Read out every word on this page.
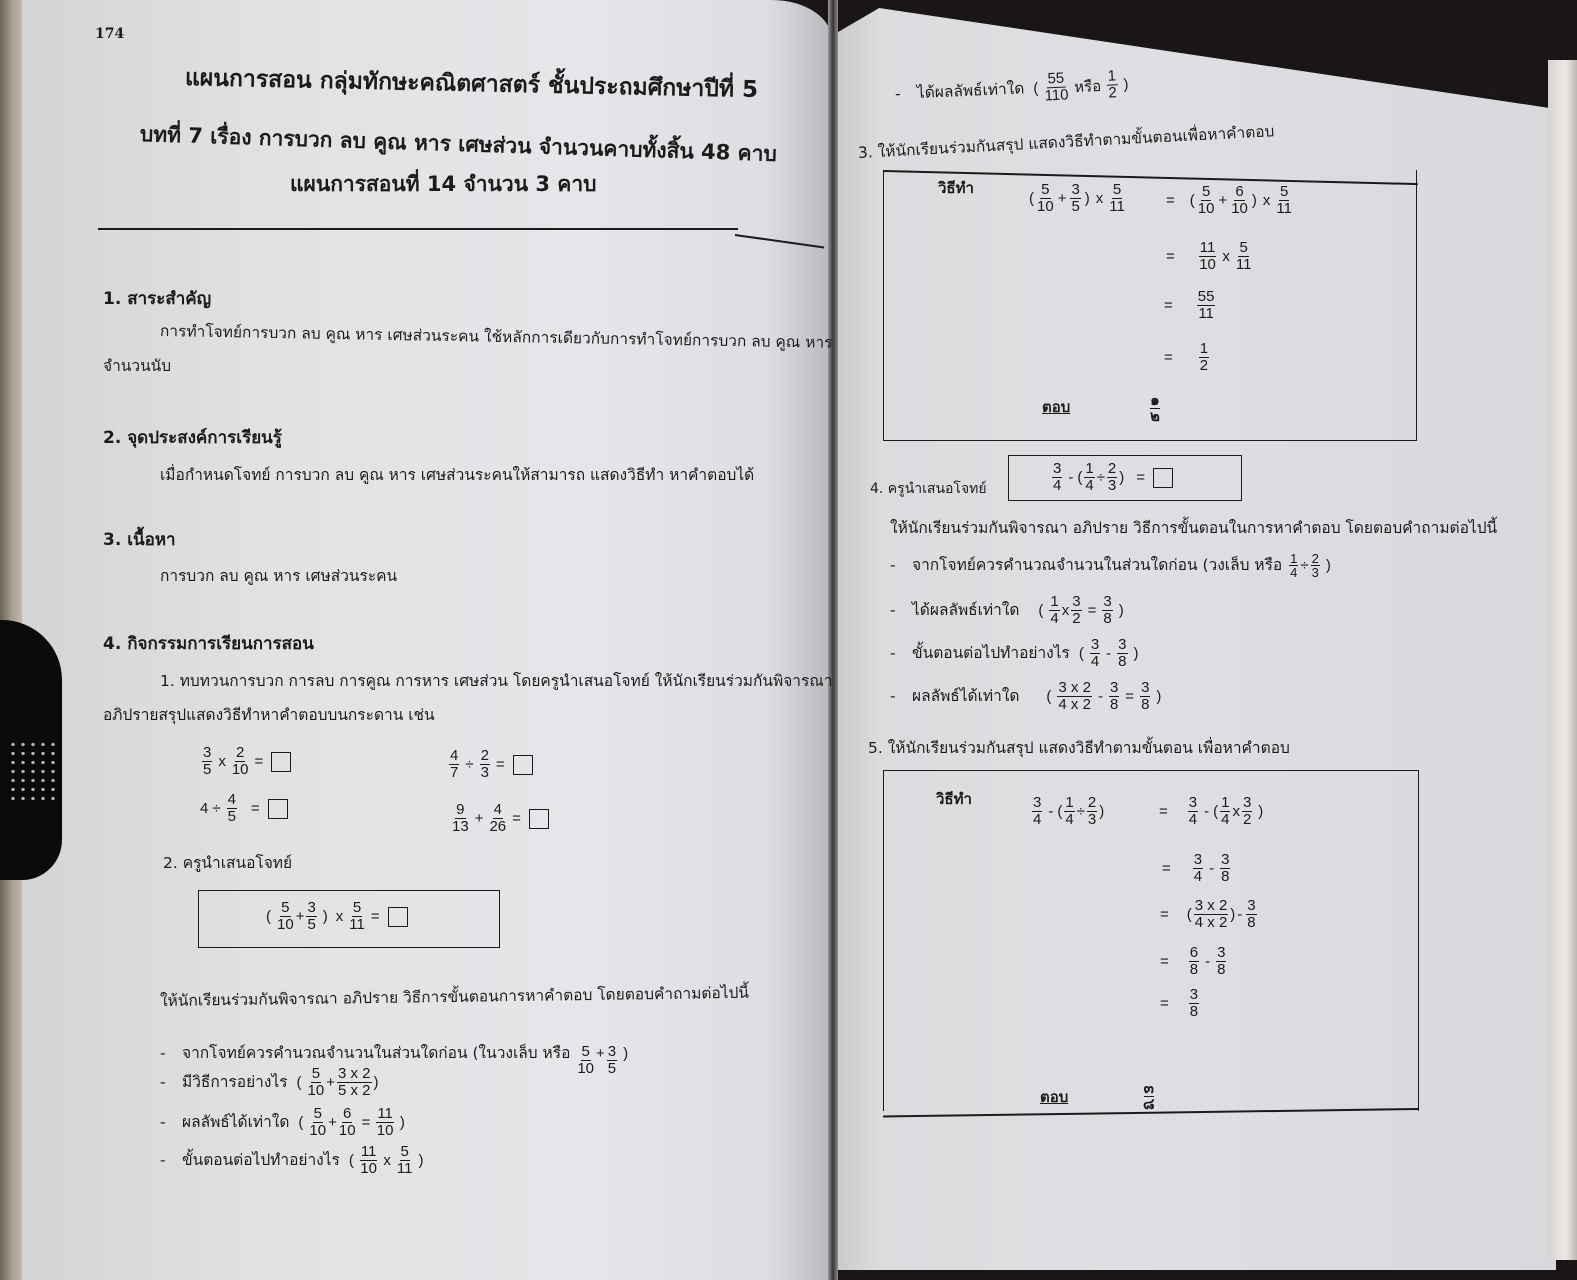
174
แผนการสอน กลุ่มทักษะคณิตศาสตร์ ชั้นประถมศึกษาปีที่ 5
บทที่ 7 เรื่อง การบวก ลบ คูณ หาร เศษส่วน จำนวนคาบทั้งสิ้น 48 คาบ
แผนการสอนที่ 14 จำนวน 3 คาบ
1. สาระสำคัญ
การทำโจทย์การบวก ลบ คูณ หาร เศษส่วนระคน ใช้หลักการเดียวกับการทำโจทย์การบวก ลบ คูณ หาร
จำนวนนับ
2. จุดประสงค์การเรียนรู้
เมื่อกำหนดโจทย์ การบวก ลบ คูณ หาร เศษส่วนระคนให้สามารถ แสดงวิธีทำ หาคำตอบได้
3. เนื้อหา
การบวก ลบ คูณ หาร เศษส่วนระคน
4. กิจกรรมการเรียนการสอน
1. ทบทวนการบวก การลบ การคูณ การหาร เศษส่วน โดยครูนำเสนอโจทย์ ให้นักเรียนร่วมกันพิจารณา
อภิปรายสรุปแสดงวิธีทำหาคำตอบบนกระดาน เช่น
$\frac{3}{5}$ x $\frac{2}{10}$ =	$\frac{4}{7} \div \frac{2}{3}$ =
$4 \div \frac{4}{5}$ =	$\frac{9}{13} + \frac{4}{26}$ =
2. ครูนำเสนอโจทย์
( $\frac{5}{10} + \frac{3}{5}$ ) x $\frac{5}{11}$ =
ให้นักเรียนร่วมกันพิจารณา อภิปราย วิธีการขั้นตอนการหาคำตอบ โดยตอบคำถามต่อไปนี้
- จากโจทย์ควรคำนวณจำนวนในส่วนใดก่อน (ในวงเล็บ หรือ $\frac{5}{10} + \frac{3}{5}$ )
- มีวิธีการอย่างไร ( $\frac{5}{10} + \frac{3 x 2}{5 x 2}$ )
- ผลลัพธ์ได้เท่าใด ( $\frac{5}{10} + \frac{6}{10} = \frac{11}{10}$ )
- ขั้นตอนต่อไปทำอย่างไร ( $\frac{11}{10}$ x $\frac{5}{11}$ )
175
- ได้ผลลัพธ์เท่าใด ( $\frac{55}{110}$ หรือ $\frac{1}{2}$ )
3. ให้นักเรียนร่วมกันสรุป แสดงวิธีทำตามขั้นตอนเพื่อหาคำตอบ
วิธีทำ
( $\frac{5}{10} + \frac{3}{5}$ ) x $\frac{5}{11}$	= ( $\frac{5}{10} + \frac{6}{10}$ ) x $\frac{5}{11}$
= $\frac{11}{10}$ x $\frac{5}{11}$
= $\frac{55}{11}$
= $\frac{1}{2}$
ตอบ	$\frac{๑}{๒}$
4. ครูนำเสนอโจทย์	$\frac{3}{4}$ - ( $\frac{1}{4} \div \frac{2}{3}$ ) =
ให้นักเรียนร่วมกันพิจารณา อภิปราย วิธีการขั้นตอนในการหาคำตอบ โดยตอบคำถามต่อไปนี้
- จากโจทย์ควรคำนวณจำนวนในส่วนใดก่อน (วงเล็บ หรือ $\frac{1}{4} \div \frac{2}{3}$ )
- ได้ผลลัพธ์เท่าใด ( $\frac{1}{4}$ x $\frac{3}{2} = \frac{3}{8}$ )
- ขั้นตอนต่อไปทำอย่างไร ( $\frac{3}{4} - \frac{3}{8}$ )
- ผลลัพธ์ได้เท่าใด ( $\frac{3 x 2}{4 x 2} - \frac{3}{8} = \frac{3}{8}$ )
5. ให้นักเรียนร่วมกันสรุป แสดงวิธีทำตามขั้นตอน เพื่อหาคำตอบ
วิธีทำ	$\frac{3}{4}$ - ( $\frac{1}{4} \div \frac{2}{3}$ )	= $\frac{3}{4}$ - ( $\frac{1}{4}$ x $\frac{3}{2}$ )
= $\frac{3}{4} - \frac{3}{8}$
= ( $\frac{3 x 2}{4 x 2}$ ) - $\frac{3}{8}$
= $\frac{6}{8} - \frac{3}{8}$
= $\frac{3}{8}$
ตอบ	$\frac{๓}{๘}$
